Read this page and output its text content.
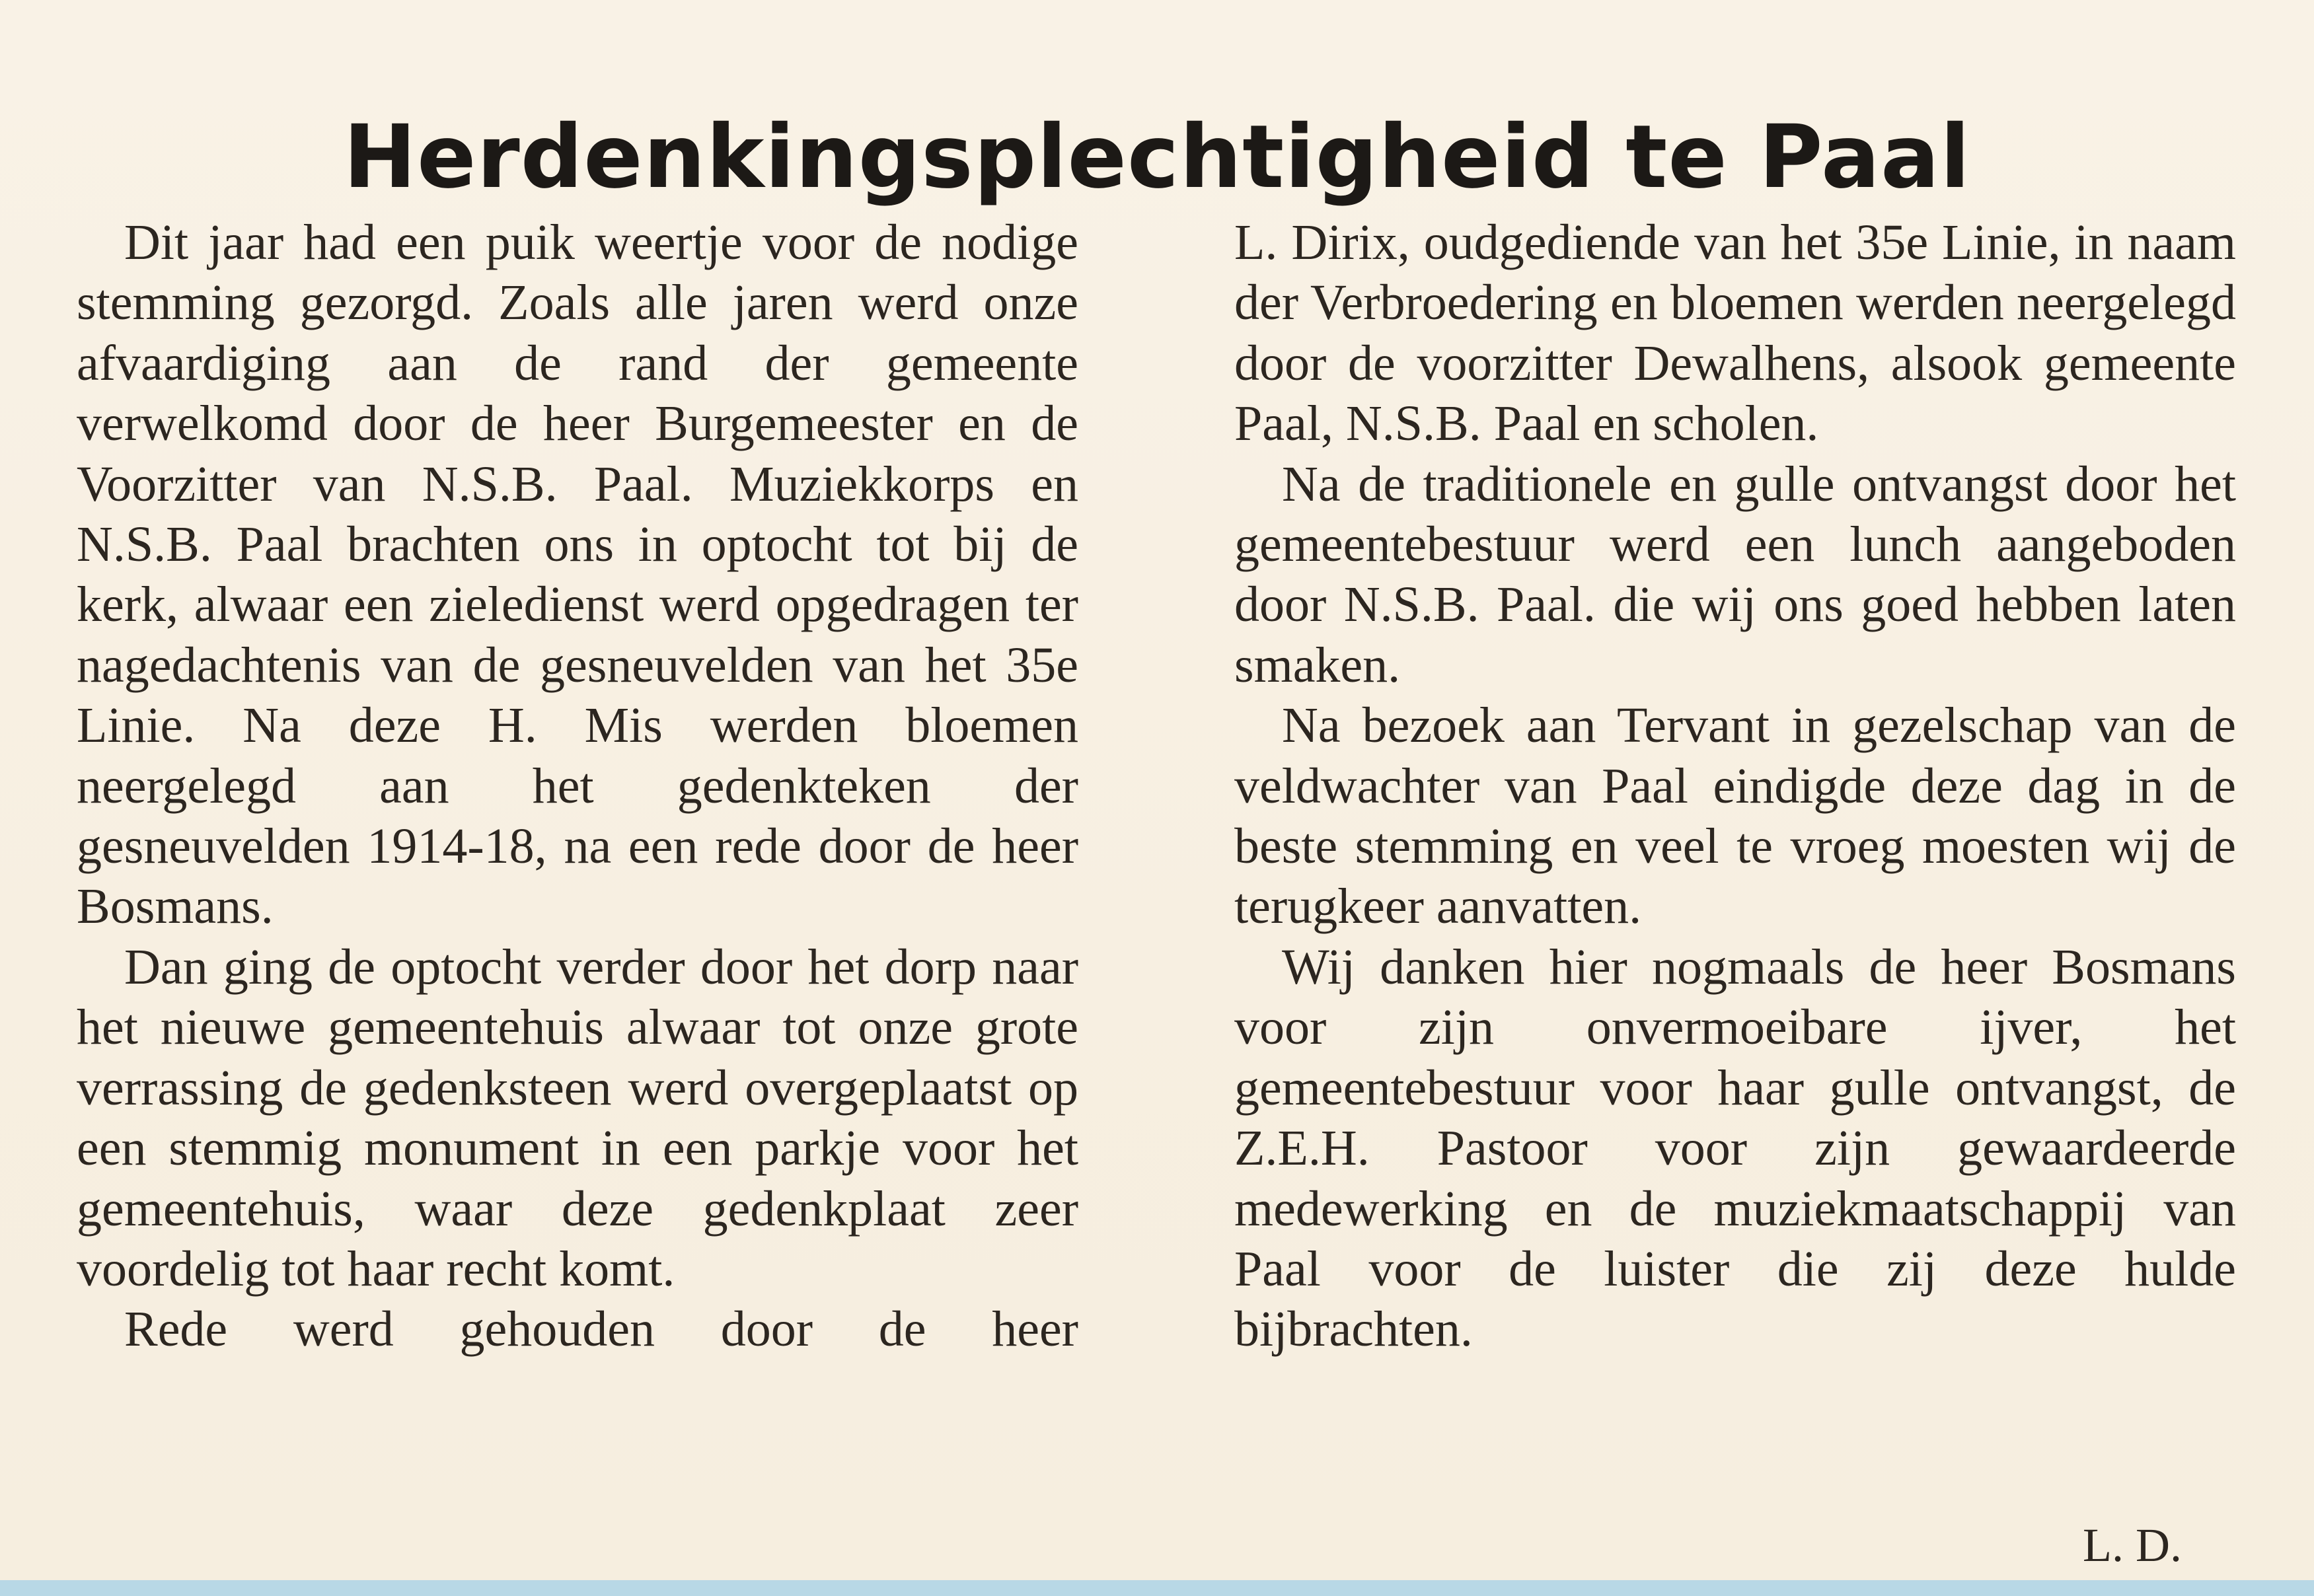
Herdenkingsplechtigheid te Paal

Dit jaar had een puik weertje voor de nodige stemming gezorgd. Zoals alle jaren werd onze afvaardiging aan de rand der gemeente verwelkomd door de heer Burgemeester en de Voorzitter van N.S.B. Paal. Muziekkorps en N.S.B. Paal brachten ons in optocht tot bij de kerk, alwaar een zieledienst werd opgedragen ter nagedachtenis van de gesneuvelden van het 35e Linie. Na deze H. Mis werden bloemen neergelegd aan het gedenkteken der gesneuvelden 1914-18, na een rede door de heer Bosmans.

Dan ging de optocht verder door het dorp naar het nieuwe gemeentehuis alwaar tot onze grote verrassing de gedenksteen werd overgeplaatst op een stemmig monument in een parkje voor het gemeentehuis, waar deze gedenkplaat zeer voordelig tot haar recht komt.

Rede werd gehouden door de heer

L. Dirix, oudgediende van het 35e Linie, in naam der Verbroedering en bloemen werden neergelegd door de voorzitter Dewalhens, alsook gemeente Paal, N.S.B. Paal en scholen.

Na de traditionele en gulle ontvangst door het gemeentebestuur werd een lunch aangeboden door N.S.B. Paal. die wij ons goed hebben laten smaken.

Na bezoek aan Tervant in gezelschap van de veldwachter van Paal eindigde deze dag in de beste stemming en veel te vroeg moesten wij de terugkeer aanvatten.

Wij danken hier nogmaals de heer Bosmans voor zijn onvermoeibare ijver, het gemeentebestuur voor haar gulle ontvangst, de Z.E.H. Pastoor voor zijn gewaardeerde medewerking en de muziekmaatschappij van Paal voor de luister die zij deze hulde bijbrachten.

L. D.
